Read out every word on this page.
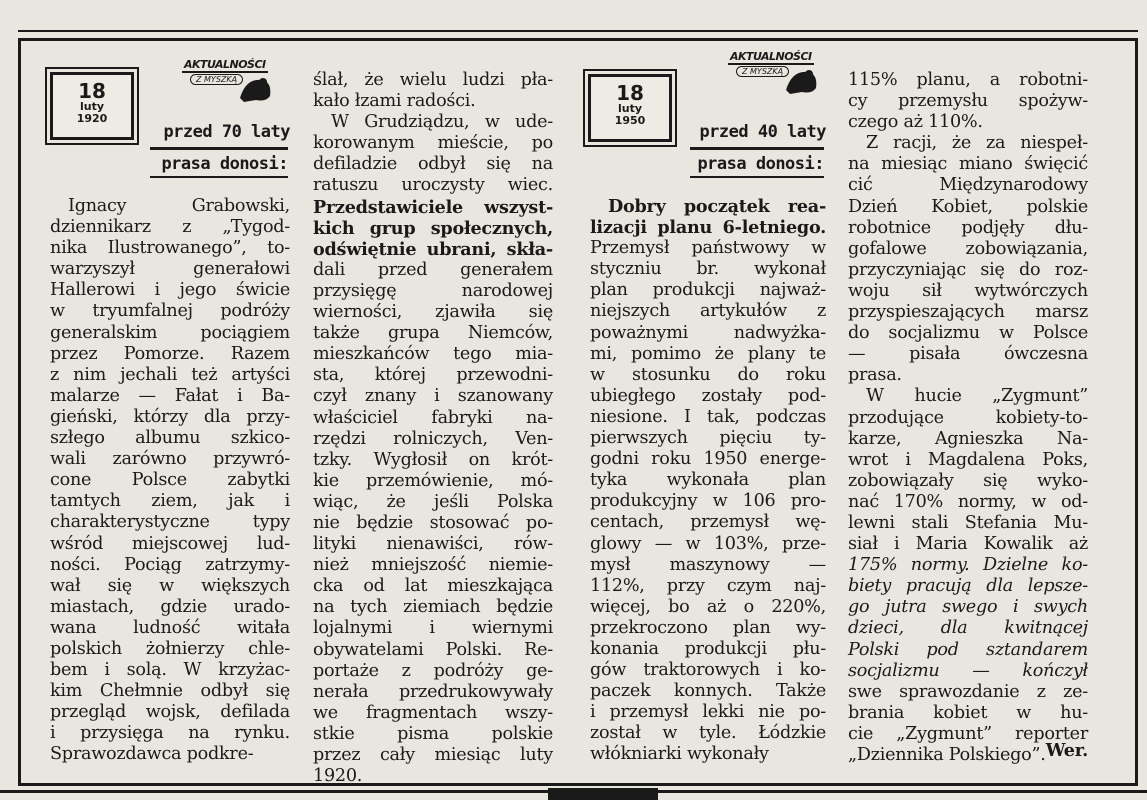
18
luty
1920
AKTUALNOŚCI
Z MYSZKĄ
przed 70 laty
prasa donosi:
18
luty
1950
AKTUALNOŚCI
Z MYSZKĄ
przed 40 laty
prasa donosi:
Ignacy Grabowski,
dziennikarz z „Tygod-
nika Ilustrowanego”, to-
warzyszył generałowi
Hallerowi i jego świcie
w tryumfalnej podróży
generalskim pociągiem
przez Pomorze. Razem
z nim jechali też artyści
malarze — Fałat i Ba-
gieński, którzy dla przy-
szłego albumu szkico-
wali zarówno przywró-
cone Polsce zabytki
tamtych ziem, jak i
charakterystyczne typy
wśród miejscowej lud-
ności. Pociąg zatrzymy-
wał się w większych
miastach, gdzie urado-
wana ludność witała
polskich żołnierzy chle-
bem i solą. W krzyżac-
kim Chełmnie odbył się
przegląd wojsk, defilada
i przysięga na rynku.
Sprawozdawca podkre-
ślał, że wielu ludzi pła-
kało łzami radości.
W Grudziądzu, w ude-
korowanym mieście, po
defiladzie odbył się na
ratuszu uroczysty wiec.
Przedstawiciele wszyst-
kich grup społecznych,
odświętnie ubrani, skła-
dali przed generałem
przysięgę narodowej
wierności, zjawiła się
także grupa Niemców,
mieszkańców tego mia-
sta, której przewodni-
czył znany i szanowany
właściciel fabryki na-
rzędzi rolniczych, Ven-
tzky. Wygłosił on krót-
kie przemówienie, mó-
wiąc, że jeśli Polska
nie będzie stosować po-
lityki nienawiści, rów-
nież mniejszość niemie-
cka od lat mieszkająca
na tych ziemiach będzie
lojalnymi i wiernymi
obywatelami Polski. Re-
portaże z podróży ge-
nerała przedrukowywały
we fragmentach wszy-
stkie pisma polskie
przez cały miesiąc luty
1920.
Dobry początek rea-
lizacji planu 6-letniego.
Przemysł państwowy w
styczniu br. wykonał
plan produkcji najważ-
niejszych artykułów z
poważnymi nadwyżka-
mi, pomimo że plany te
w stosunku do roku
ubiegłego zostały pod-
niesione. I tak, podczas
pierwszych pięciu ty-
godni roku 1950 energe-
tyka wykonała plan
produkcyjny w 106 pro-
centach, przemysł wę-
glowy — w 103%, prze-
mysł maszynowy —
112%, przy czym naj-
więcej, bo aż o 220%,
przekroczono plan wy-
konania produkcji płu-
gów traktorowych i ko-
paczek konnych. Także
i przemysł lekki nie po-
został w tyle. Łódzkie
włókniarki wykonały
115% planu, a robotni-
cy przemysłu spożyw-
czego aż 110%.
Z racji, że za niespeł-
na miesiąc miano święcić
cić Międzynarodowy
Dzień Kobiet, polskie
robotnice podjęły dłu-
gofalowe zobowiązania,
przyczyniając się do roz-
woju sił wytwórczych
przyspieszających marsz
do socjalizmu w Polsce
— pisała ówczesna
prasa.
W hucie „Zygmunt”
przodujące kobiety-to-
karze, Agnieszka Na-
wrot i Magdalena Poks,
zobowiązały się wyko-
nać 170% normy, w od-
lewni stali Stefania Mu-
siał i Maria Kowalik aż
175% normy. Dzielne ko-
biety pracują dla lepsze-
go jutra swego i swych
dzieci, dla kwitnącej
Polski pod sztandarem
socjalizmu — kończył
swe sprawozdanie z ze-
brania kobiet w hu-
cie „Zygmunt” reporter
„Dziennika Polskiego”. Wer.
